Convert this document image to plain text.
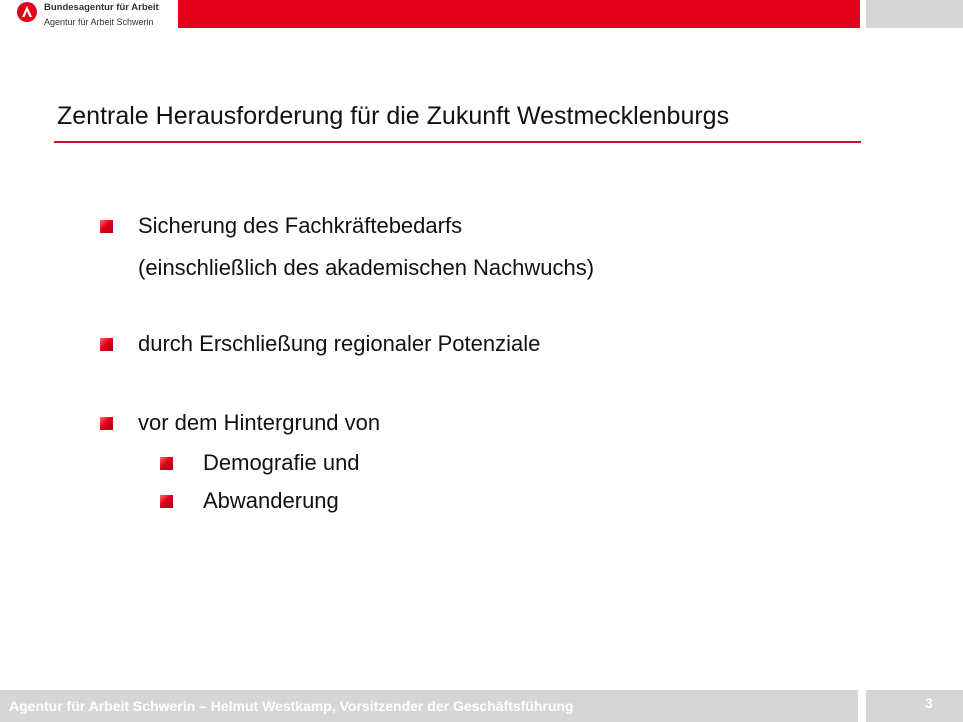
Bundesagentur für Arbeit
Agentur für Arbeit Schwerin
Zentrale Herausforderung für die Zukunft Westmecklenburgs
Sicherung des Fachkräftebedarfs
(einschließlich des akademischen Nachwuchs)
durch Erschließung regionaler Potenziale
vor dem Hintergrund von
Demografie und
Abwanderung
Agentur für Arbeit Schwerin – Helmut Westkamp, Vorsitzender der Geschäftsführung	3
